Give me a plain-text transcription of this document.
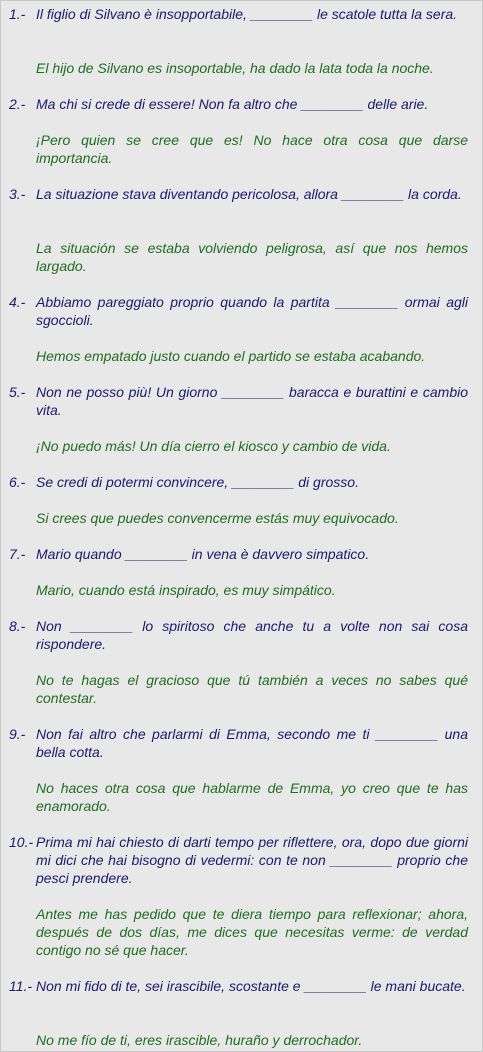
1.- Il figlio di Silvano è insopportabile, ________ le scatole tutta la sera.
El hijo de Silvano es insoportable, ha dado la lata toda la noche.
2.- Ma chi si crede di essere! Non fa altro che ________ delle arie.
¡Pero quien se cree que es! No hace otra cosa que darse importancia.
3.- La situazione stava diventando pericolosa, allora ________ la corda.
La situación se estaba volviendo peligrosa, así que nos hemos largado.
4.- Abbiamo pareggiato proprio quando la partita ________ ormai agli sgoccioli.
Hemos empatado justo cuando el partido se estaba acabando.
5.- Non ne posso più! Un giorno ________ baracca e burattini e cambio vita.
¡No puedo más! Un día cierro el kiosco y cambio de vida.
6.- Se credi di potermi convincere, ________ di grosso.
Si crees que puedes convencerme estás muy equivocado.
7.- Mario quando ________ in vena è davvero simpatico.
Mario, cuando está inspirado, es muy simpático.
8.- Non ________ lo spiritoso che anche tu a volte non sai cosa rispondere.
No te hagas el gracioso que tú también a veces no sabes qué contestar.
9.- Non fai altro che parlarmi di Emma, secondo me ti ________ una bella cotta.
No haces otra cosa que hablarme de Emma, yo creo que te has enamorado.
10.- Prima mi hai chiesto di darti tempo per riflettere, ora, dopo due giorni mi dici che hai bisogno di vedermi: con te non ________ proprio che pesci prendere.
Antes me has pedido que te diera tiempo para reflexionar; ahora, después de dos días, me dices que necesitas verme: de verdad contigo no sé que hacer.
11.- Non mi fido di te, sei irascibile, scostante e ________ le mani bucate.
No me fío de ti, eres irascible, huraño y derrochador.
